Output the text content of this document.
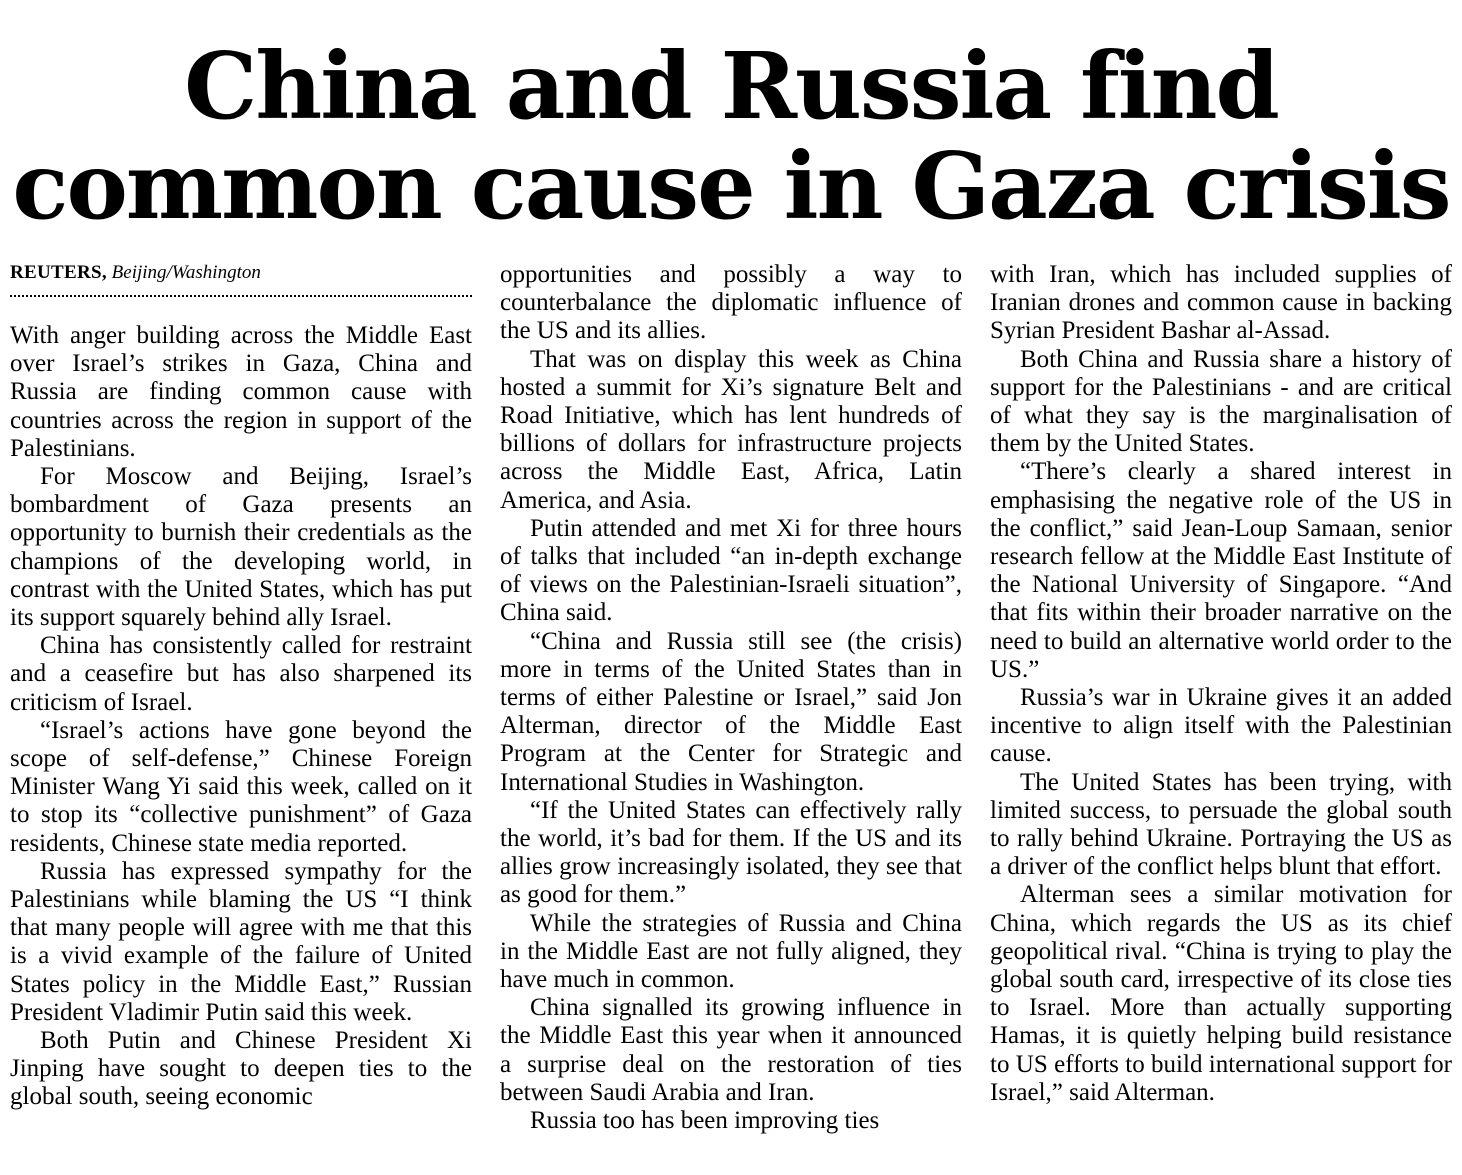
China and Russia find
common cause in Gaza crisis
REUTERS, Beijing/Washington

With anger building across the Middle East over Israel’s strikes in Gaza, China and Russia are finding common cause with countries across the region in support of the Palestinians.

For Moscow and Beijing, Israel’s bombardment of Gaza presents an opportunity to burnish their credentials as the champions of the developing world, in contrast with the United States, which has put its support squarely behind ally Israel.

China has consistently called for restraint and a ceasefire but has also sharpened its criticism of Israel.

“Israel’s actions have gone beyond the scope of self-defense,” Chinese Foreign Minister Wang Yi said this week, called on it to stop its “collective punishment” of Gaza residents, Chinese state media reported.

Russia has expressed sympathy for the Palestinians while blaming the US “I think that many people will agree with me that this is a vivid example of the failure of United States policy in the Middle East,” Russian President Vladimir Putin said this week.

Both Putin and Chinese President Xi Jinping have sought to deepen ties to the global south, seeing economic

opportunities and possibly a way to counterbalance the diplomatic influence of the US and its allies.

That was on display this week as China hosted a summit for Xi’s signature Belt and Road Initiative, which has lent hundreds of billions of dollars for infrastructure projects across the Middle East, Africa, Latin America, and Asia.

Putin attended and met Xi for three hours of talks that included “an in-depth exchange of views on the Palestinian-Israeli situation”, China said.

“China and Russia still see (the crisis) more in terms of the United States than in terms of either Palestine or Israel,” said Jon Alterman, director of the Middle East Program at the Center for Strategic and International Studies in Washington.

“If the United States can effectively rally the world, it’s bad for them. If the US and its allies grow increasingly isolated, they see that as good for them.”

While the strategies of Russia and China in the Middle East are not fully aligned, they have much in common.

China signalled its growing influence in the Middle East this year when it announced a surprise deal on the restoration of ties between Saudi Arabia and Iran.

Russia too has been improving ties

with Iran, which has included supplies of Iranian drones and common cause in backing Syrian President Bashar al-Assad.

Both China and Russia share a history of support for the Palestinians - and are critical of what they say is the marginalisation of them by the United States.

“There’s clearly a shared interest in emphasising the negative role of the US in the conflict,” said Jean-Loup Samaan, senior research fellow at the Middle East Institute of the National University of Singapore. “And that fits within their broader narrative on the need to build an alternative world order to the US.”

Russia’s war in Ukraine gives it an added incentive to align itself with the Palestinian cause.

The United States has been trying, with limited success, to persuade the global south to rally behind Ukraine. Portraying the US as a driver of the conflict helps blunt that effort.

Alterman sees a similar motivation for China, which regards the US as its chief geopolitical rival. “China is trying to play the global south card, irrespective of its close ties to Israel. More than actually supporting Hamas, it is quietly helping build resistance to US efforts to build international support for Israel,” said Alterman.
